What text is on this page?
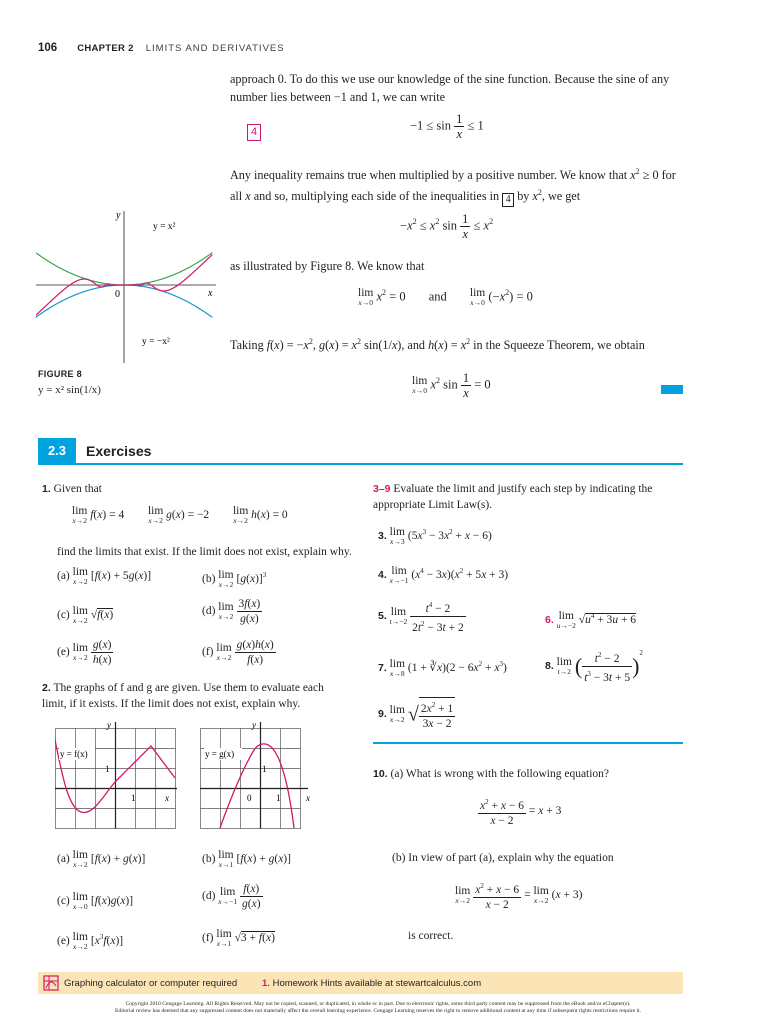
106 CHAPTER 2 LIMITS AND DERIVATIVES

approach 0. To do this we use our knowledge of the sine function. Because the sine of any number lies between −1 and 1, we can write

4	$-1 \le \sin \frac{1}{x} \le 1$

Any inequality remains true when multiplied by a positive number. We know that $x^2 \ge 0$ for all x and so, multiplying each side of the inequalities in 4 by $x^2$, we get

$-x^2 \le x^2$ $\sin \frac{1}{x} \le x^2$

as illustrated by Figure 8. We know that

lim
x→0 $x^2 = 0$ and lim
x→0 $(-x^2) = 0$

Taking $f(x) = -x^2$, $g(x) = x^2$ sin(1/x), and $h(x) = x^2$ in the Squeeze Theorem, we obtain

lim
x→0 $x^2$ $\sin \frac{1}{x} = 0$
y
x
0
y = x²
y = −x²
FIGURE 8
y = x² sin(1/x)
2.3	Exercises
1. Given that
lim
x→2 f(x) = 4 lim
x→2 g(x) = −2 lim
x→2 h(x) = 0
find the limits that exist. If the limit does not exist, explain why.
(a) lim
x→2 [f(x) + 5g(x)]	(b) lim
x→2 $[g(x)]^3$
(c) lim
x→2 √f(x)	(d) lim
x→2
$\frac{3f(x)}{g(x)}$
(e) lim
x→2
$\frac{g(x)}{h(x)}$	(f) lim
x→2
$\frac{g(x)h(x)}{f(x)}$
2. The graphs of f and g are given. Use them to evaluate each limit, if it exists. If the limit does not exist, explain why.
y = f(x)
1
1	x
y
y = g(x)
1
0	1	x
y
(a) lim
x→2 [f(x) + g(x)]	(b) lim
x→1 [f(x) + g(x)]
(c) lim
x→0 [f(x)g(x)]	(d) lim
x→−1
$\frac{f(x)}{g(x)}$
(e) lim
x→2 $[x^3f(x)]$	(f) lim
x→1 √3 + f(x)
3–9 Evaluate the limit and justify each step by indicating the appropriate Limit Law(s).
3. lim
x→3 $(5x^3 - 3x^2 + x - 6)$
4. lim
x→−1 $(x^4 - 3x)(x^2 + 5x + 3)$
5. lim
t→−2
$\frac{t^4 - 2}{2t^2 - 3t + 2}$	6. lim
u→−2 $√u^4 + 3u + 6$
7. lim
x→8 (1 + ∛x)(2 − $6x^2 + x^3$)	8. lim
t→2 ( $\frac{t^2 - 2}{t^3 - 3t + 5} )^2$
9. lim
x→2 √ $\frac{2x^2 + 1}{3x - 2}$
10. (a) What is wrong with the following equation?
$\frac{x^2 + x - 6}{x - 2} = x + 3$
(b) In view of part (a), explain why the equation
lim
x→2
$\frac{x^2 + x - 6}{x - 2} = \lim$
x→2 (x + 3)
is correct.
Graphing calculator or computer required	1. Homework Hints available at stewartcalculus.com
Copyright 2010 Cengage Learning. All Rights Reserved. May not be copied, scanned, or duplicated, in whole or in part. Due to electronic rights, some third party content may be suppressed from the eBook and/or eChapter(s).
Editorial review has deemed that any suppressed content does not materially affect the overall learning experience. Cengage Learning reserves the right to remove additional content at any time if subsequent rights restrictions require it.
